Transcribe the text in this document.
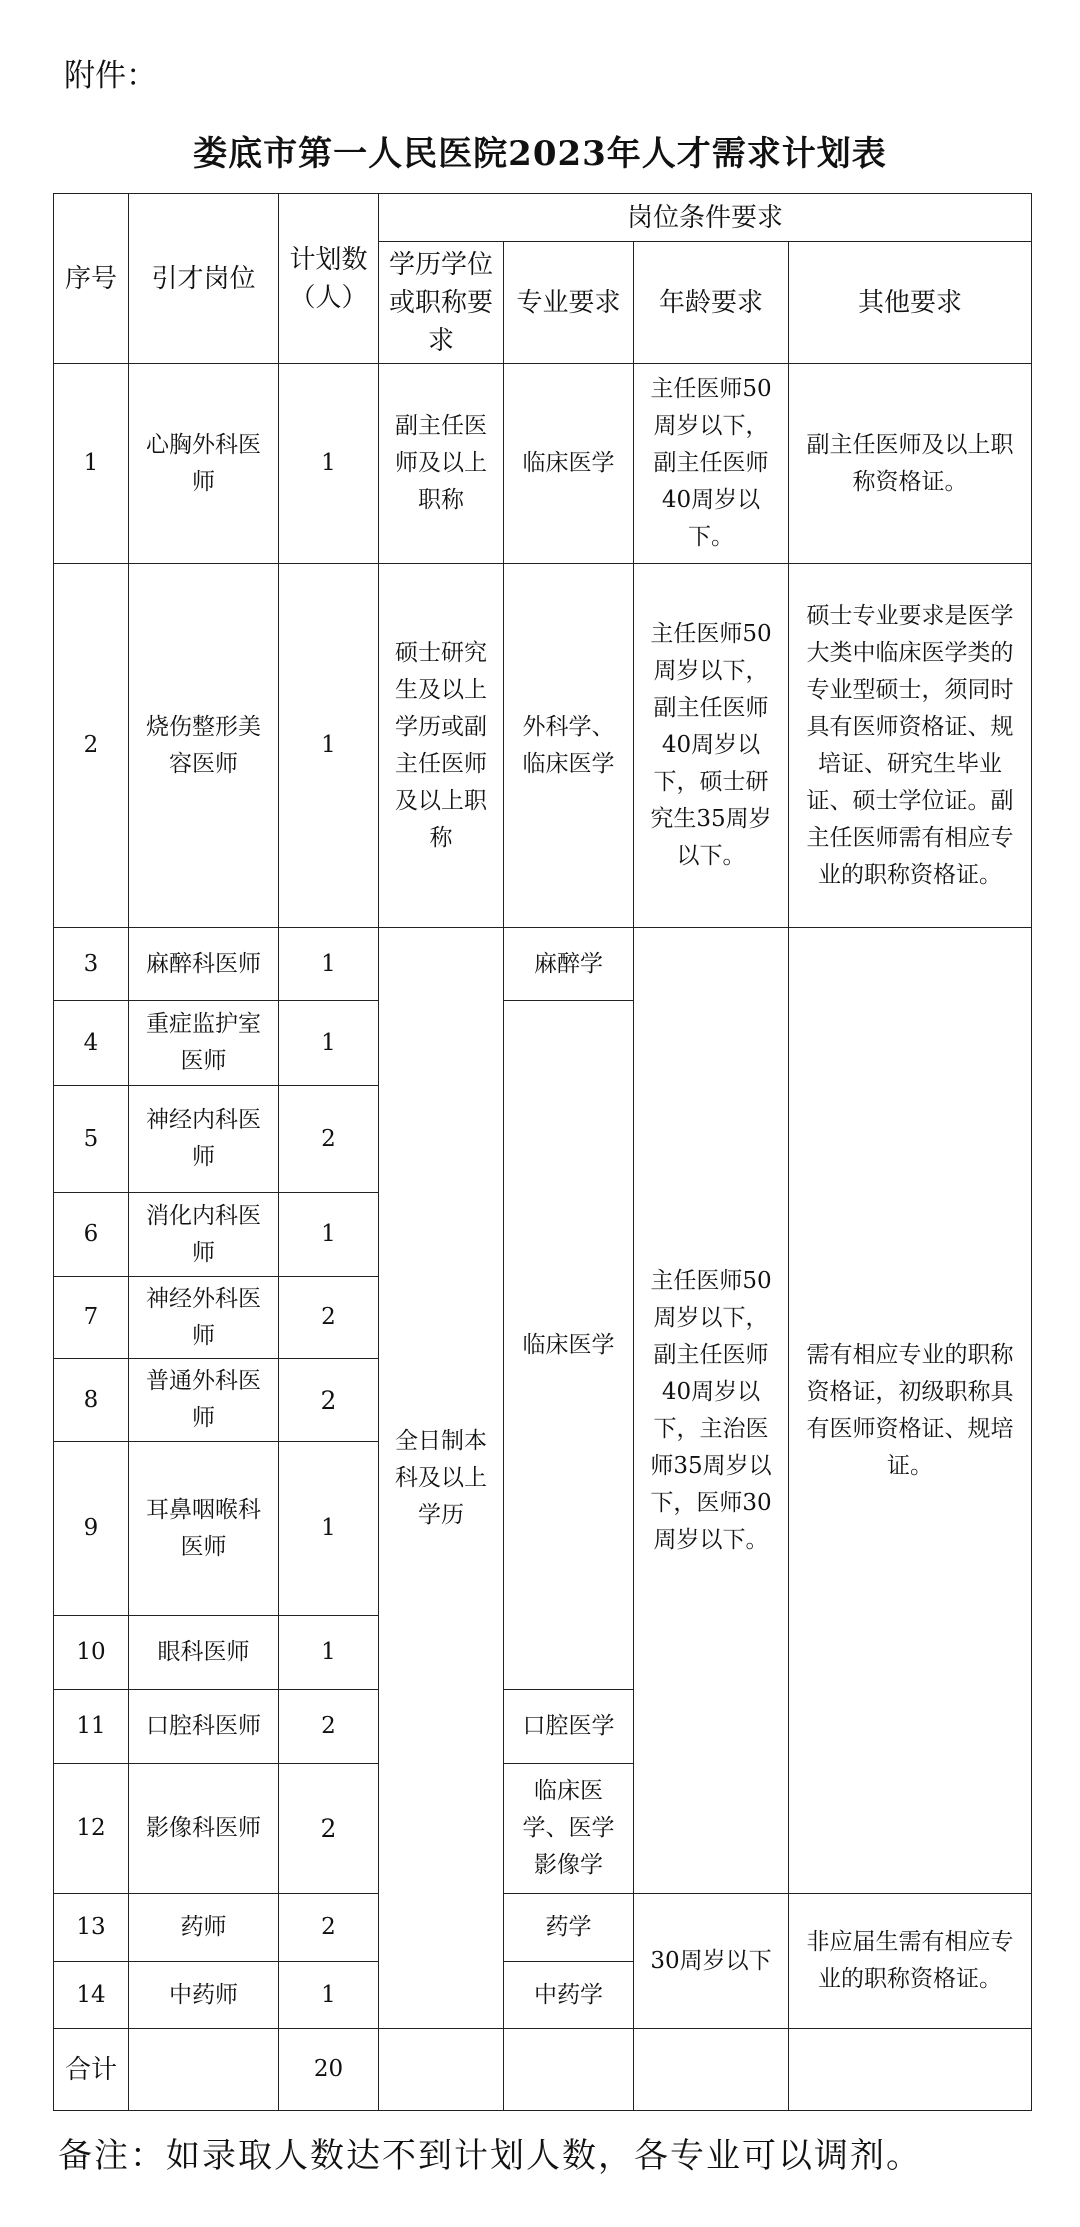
附件：
娄底市第一人民医院2023年人才需求计划表
序号	引才岗位	计划数（人）	岗位条件要求			
			学历学位或职称要求	专业要求	年龄要求	其他要求
1	心胸外科医师	1	副主任医师及以上职称	临床医学	主任医师50周岁以下，副主任医师40周岁以下。	副主任医师及以上职称资格证。
2	烧伤整形美容医师	1	硕士研究生及以上学历或副主任医师及以上职称	外科学、临床医学	主任医师50周岁以下，副主任医师40周岁以下，硕士研究生35周岁以下。	硕士专业要求是医学大类中临床医学类的专业型硕士，须同时具有医师资格证、规培证、研究生毕业证、硕士学位证。副主任医师需有相应专业的职称资格证。
3	麻醉科医师	1	全日制本科及以上学历	麻醉学	主任医师50周岁以下，副主任医师40周岁以下，主治医师35周岁以下，医师30周岁以下。	需有相应专业的职称资格证，初级职称具有医师资格证、规培证。
4	重症监护室医师	1		临床医学		
5	神经内科医师	2				
6	消化内科医师	1				
7	神经外科医师	2				
8	普通外科医师	2				
9	耳鼻咽喉科医师	1				
10	眼科医师	1				
11	口腔科医师	2		口腔医学		
12	影像科医师	2		临床医学、医学影像学		
13	药师	2		药学	30周岁以下	非应届生需有相应专业的职称资格证。
14	中药师	1		中药学		
合计		20				
备注：如录取人数达不到计划人数，各专业可以调剂。
